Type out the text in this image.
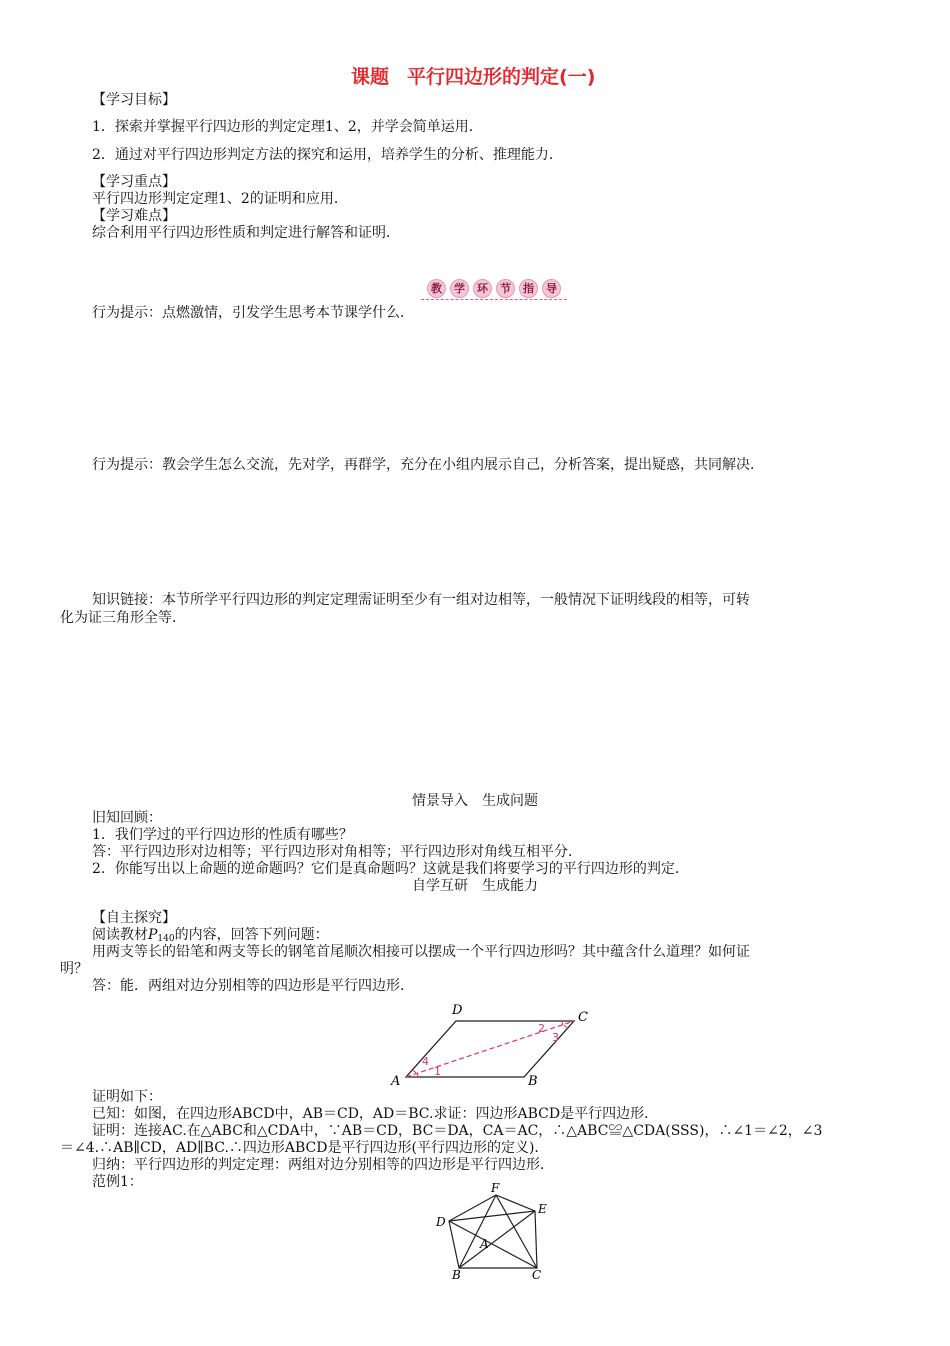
课题 平行四边形的判定(一)
【学习目标】
1．探索并掌握平行四边形的判定定理1、2，并学会简单运用．
2．通过对平行四边形判定方法的探究和运用，培养学生的分析、推理能力．
【学习重点】
平行四边形判定定理1、2的证明和应用．
【学习难点】
综合利用平行四边形性质和判定进行解答和证明．
教	学	环	节	指	导
行为提示：点燃激情，引发学生思考本节课学什么．
行为提示：教会学生怎么交流，先对学，再群学，充分在小组内展示自己，分析答案，提出疑惑，共同解决．
知识链接：本节所学平行四边形的判定定理需证明至少有一组对边相等，一般情况下证明线段的相等，可转
化为证三角形全等．
情景导入　生成问题
旧知回顾：
1．我们学过的平行四边形的性质有哪些？
答：平行四边形对边相等；平行四边形对角相等；平行四边形对角线互相平分．
2．你能写出以上命题的逆命题吗？它们是真命题吗？这就是我们将要学习的平行四边形的判定．
自学互研　生成能力
【自主探究】
阅读教材$P_{140}$的内容，回答下列问题：
用两支等长的铅笔和两支等长的钢笔首尾顺次相接可以摆成一个平行四边形吗？其中蕴含什么道理？如何证
明？
答：能．两组对边分别相等的四边形是平行四边形．
A	B
C
D
1
2
3
4
证明如下：
已知：如图，在四边形ABCD中，AB＝CD，AD＝BC.求证：四边形ABCD是平行四边形．
证明：连接AC.在△ABC和△CDA中，∵AB＝CD，BC＝DA，CA＝AC，∴△ABC≌△CDA(SSS)，∴∠1＝∠2，∠3
＝∠4.∴AB∥CD，AD∥BC.∴四边形ABCD是平行四边形(平行四边形的定义)．
归纳：平行四边形的判定定理：两组对边分别相等的四边形是平行四边形．
范例1：	F
E
D
A
B	C
